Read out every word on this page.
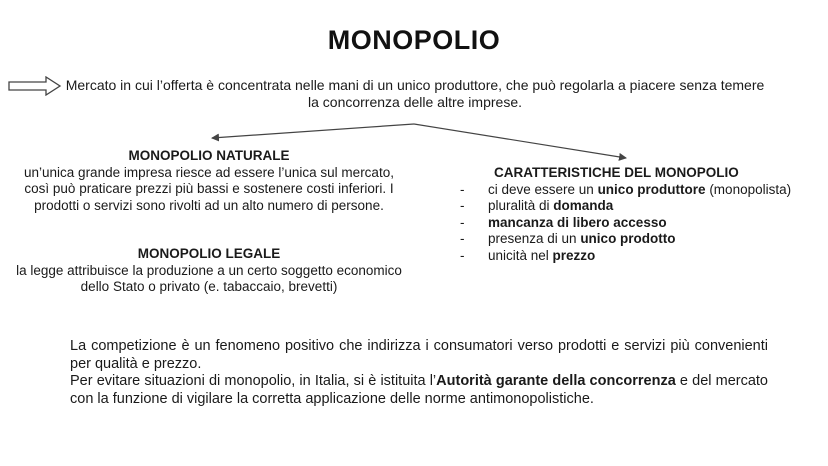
MONOPOLIO
Mercato in cui l’offerta è concentrata nelle mani di un unico produttore, che può regolarla a piacere senza temere la concorrenza delle altre imprese.
MONOPOLIO NATURALE
un’unica grande impresa riesce ad essere l’unica sul mercato, così può praticare prezzi più bassi e sostenere costi inferiori. I prodotti o servizi sono rivolti ad un alto numero di persone.
MONOPOLIO LEGALE
la legge attribuisce la produzione a un certo soggetto economico dello Stato o privato (e. tabaccaio, brevetti)
CARATTERISTICHE DEL MONOPOLIO
- ci deve essere un unico produttore (monopolista)
- pluralità di domanda
- mancanza di libero accesso
- presenza di un unico prodotto
- unicità nel prezzo

La competizione è un fenomeno positivo che indirizza i consumatori verso prodotti e servizi più convenienti per qualità e prezzo.

Per evitare situazioni di monopolio, in Italia, si è istituita l’Autorità garante della concorrenza e del mercato con la funzione di vigilare la corretta applicazione delle norme antimonopolistiche.
